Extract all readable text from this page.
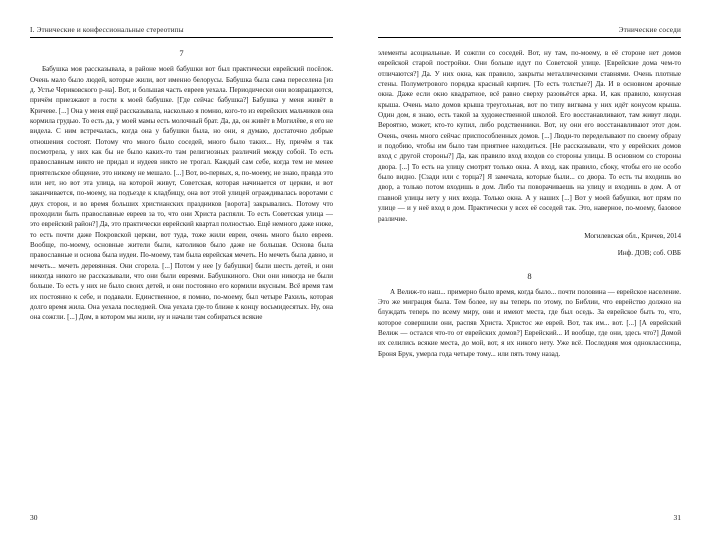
I. Этнические и конфессиональные стереотипы	Этнические соседи
7

Бабушка моя рассказывала, в районе моей бабушки вот был практически еврейский посёлок. Очень мало было людей, которые жили, вот именно белорусы. Бабушка была сама переселена [из д. Устье Чериковского р-на]. Вот, и большая часть евреев уехала. Периодически они возвращаются, причём приезжают в гости к моей бабушке. [Где сейчас бабушка?] Бабушка у меня живёт в Кричеве. [...] Она у меня ещё рассказывала, насколько я помню, кого-то из еврейских мальчиков она кормила грудью. То есть да, у моей мамы есть молочный брат. Да, да, он живёт в Могилёве, я его не видела. С ним встречалась, когда она у бабушки была, но они, я думаю, достаточно добрые отношения состоят. Потому что много было соседей, много было таких... Ну, причём я так посмотрела, у них как бы не было каких-то там религиозных различий между собой. То есть православным никто не придал и нудеев никто не трогал. Каждый сам себе, когда тем не менее приятельское общение, это никому не мешало. [...] Вот, во-первых, я, по-моему, не знаю, правда это или нет, но вот эта улица, на которой живут, Советская, которая начинается от церкви, и вот заканчивается, по-моему, на подъезде к кладбищу, она вот этой улицей ограждивалась воротами с двух сторон, и во время больших христианских праздников [ворота] закрывались. Потому что проходили быть православные евреев за то, что они Христа распяли. То есть Советская улица — это еврейский район?] Да, это практически еврейский квартал полностью. Ещё немного даже ниже, то есть почти даже Покровской церкви, вот туда, тоже жили евреи, очень много было евреев. Вообще, по-моему, основные жители были, католиков было даже не большая. Основа была православные и основа была иудеи. По-моему, там была еврейская мечеть. Но мечеть была давно, и мечеть... мечеть деревянная. Они сгорела. [...] Потом у нее [у бабушки] были шесть детей, и они никогда никого не рассказывали, что они были евреями. Бабушкиного. Они они никогда не были больше. То есть у них не было своих детей, и они постоянно его кормили вкусным. Всё время там их постоянно к себе, и подавали. Единственное, я помню, по-моему, был четыре Рахиль, которая долго время жила. Она уехала последней. Она уехала где-то ближе к концу восьмидесятых. Ну, она она сожгли. [...] Дом, в котором мы жили, ну и начали там собираться всякие

элементы асоциальные. И сожгли со соседей. Вот, ну там, по-моему, в её стороне нет домов еврейской старой постройки. Они больше идут по Советской улице. [Еврейские дома чем-то отличаются?] Да. У них окна, как правило, закрыты металлическими ставнями. Очень плотные стены. Полуметрового порядка красный кирпич. [То есть толстые?] Да. И в основном арочные окна. Даже если окно квадратное, всё равно сверху разовьётся арка. И, как правило, конусная крыша. Очень мало домов крыша треугольная, вот по типу вигвама у них идёт конусом крыша. Один дом, я знаю, есть такой за художественной школой. Его восстанавливают, там живут люди. Вероятно, может, кто-то купил, либо родственники. Вот, ну они его восстанавливают этот дом. Очень, очень много сейчас приспособленных домов. [...] Люди-то переделывают по своему образу и подобию, чтобы им было там приятнее находиться. [Не рассказывали, что у еврейских домов вход с другой стороны?] Да, как правило вход входов со стороны улицы. В основном со стороны двора. [...] То есть на улицу смотрят только окна. А вход, как правило, сбоку, чтобы его не особо было видно. [Сзади или с торца?] Я замечала, которые были... со двора. То есть ты входишь во двор, а только потом входишь в дом. Либо ты поворачиваешь на улицу и входишь в дом. А от главной улицы нету у них входа. Только окна. А у наших [...] Вот у моей бабушки, вот прям по улице — и у неё вход в дом. Практически у всех её соседей так. Это, наверное, по-моему, базовое различие.

Могилевская обл., Кричев, 2014

Инф. ДОВ; соб. ОВБ

8

А Велиж-то наш... примерно было время, когда было... почти половина — еврейское население. Это же миграция была. Тем более, ну вы теперь по этому, по Библии, что еврейство должно на блуждать теперь по всему миру, они и имеют места, где был оседь. За еврейское быть то, что, которое совершили они, распяв Христа. Христос же еврей. Вот, так им... вот. [...] [А еврейский Велиж — остался что-то от еврейских домов?] Еврейский... И вообще, где они, здесь что?] Домой их селились всякие места, до мой, вот, я их никого нету. Уже всё. Последняя моя одноклассница, Броня Брук, умерла года четыре тому... или пять тому назад.

30	31
